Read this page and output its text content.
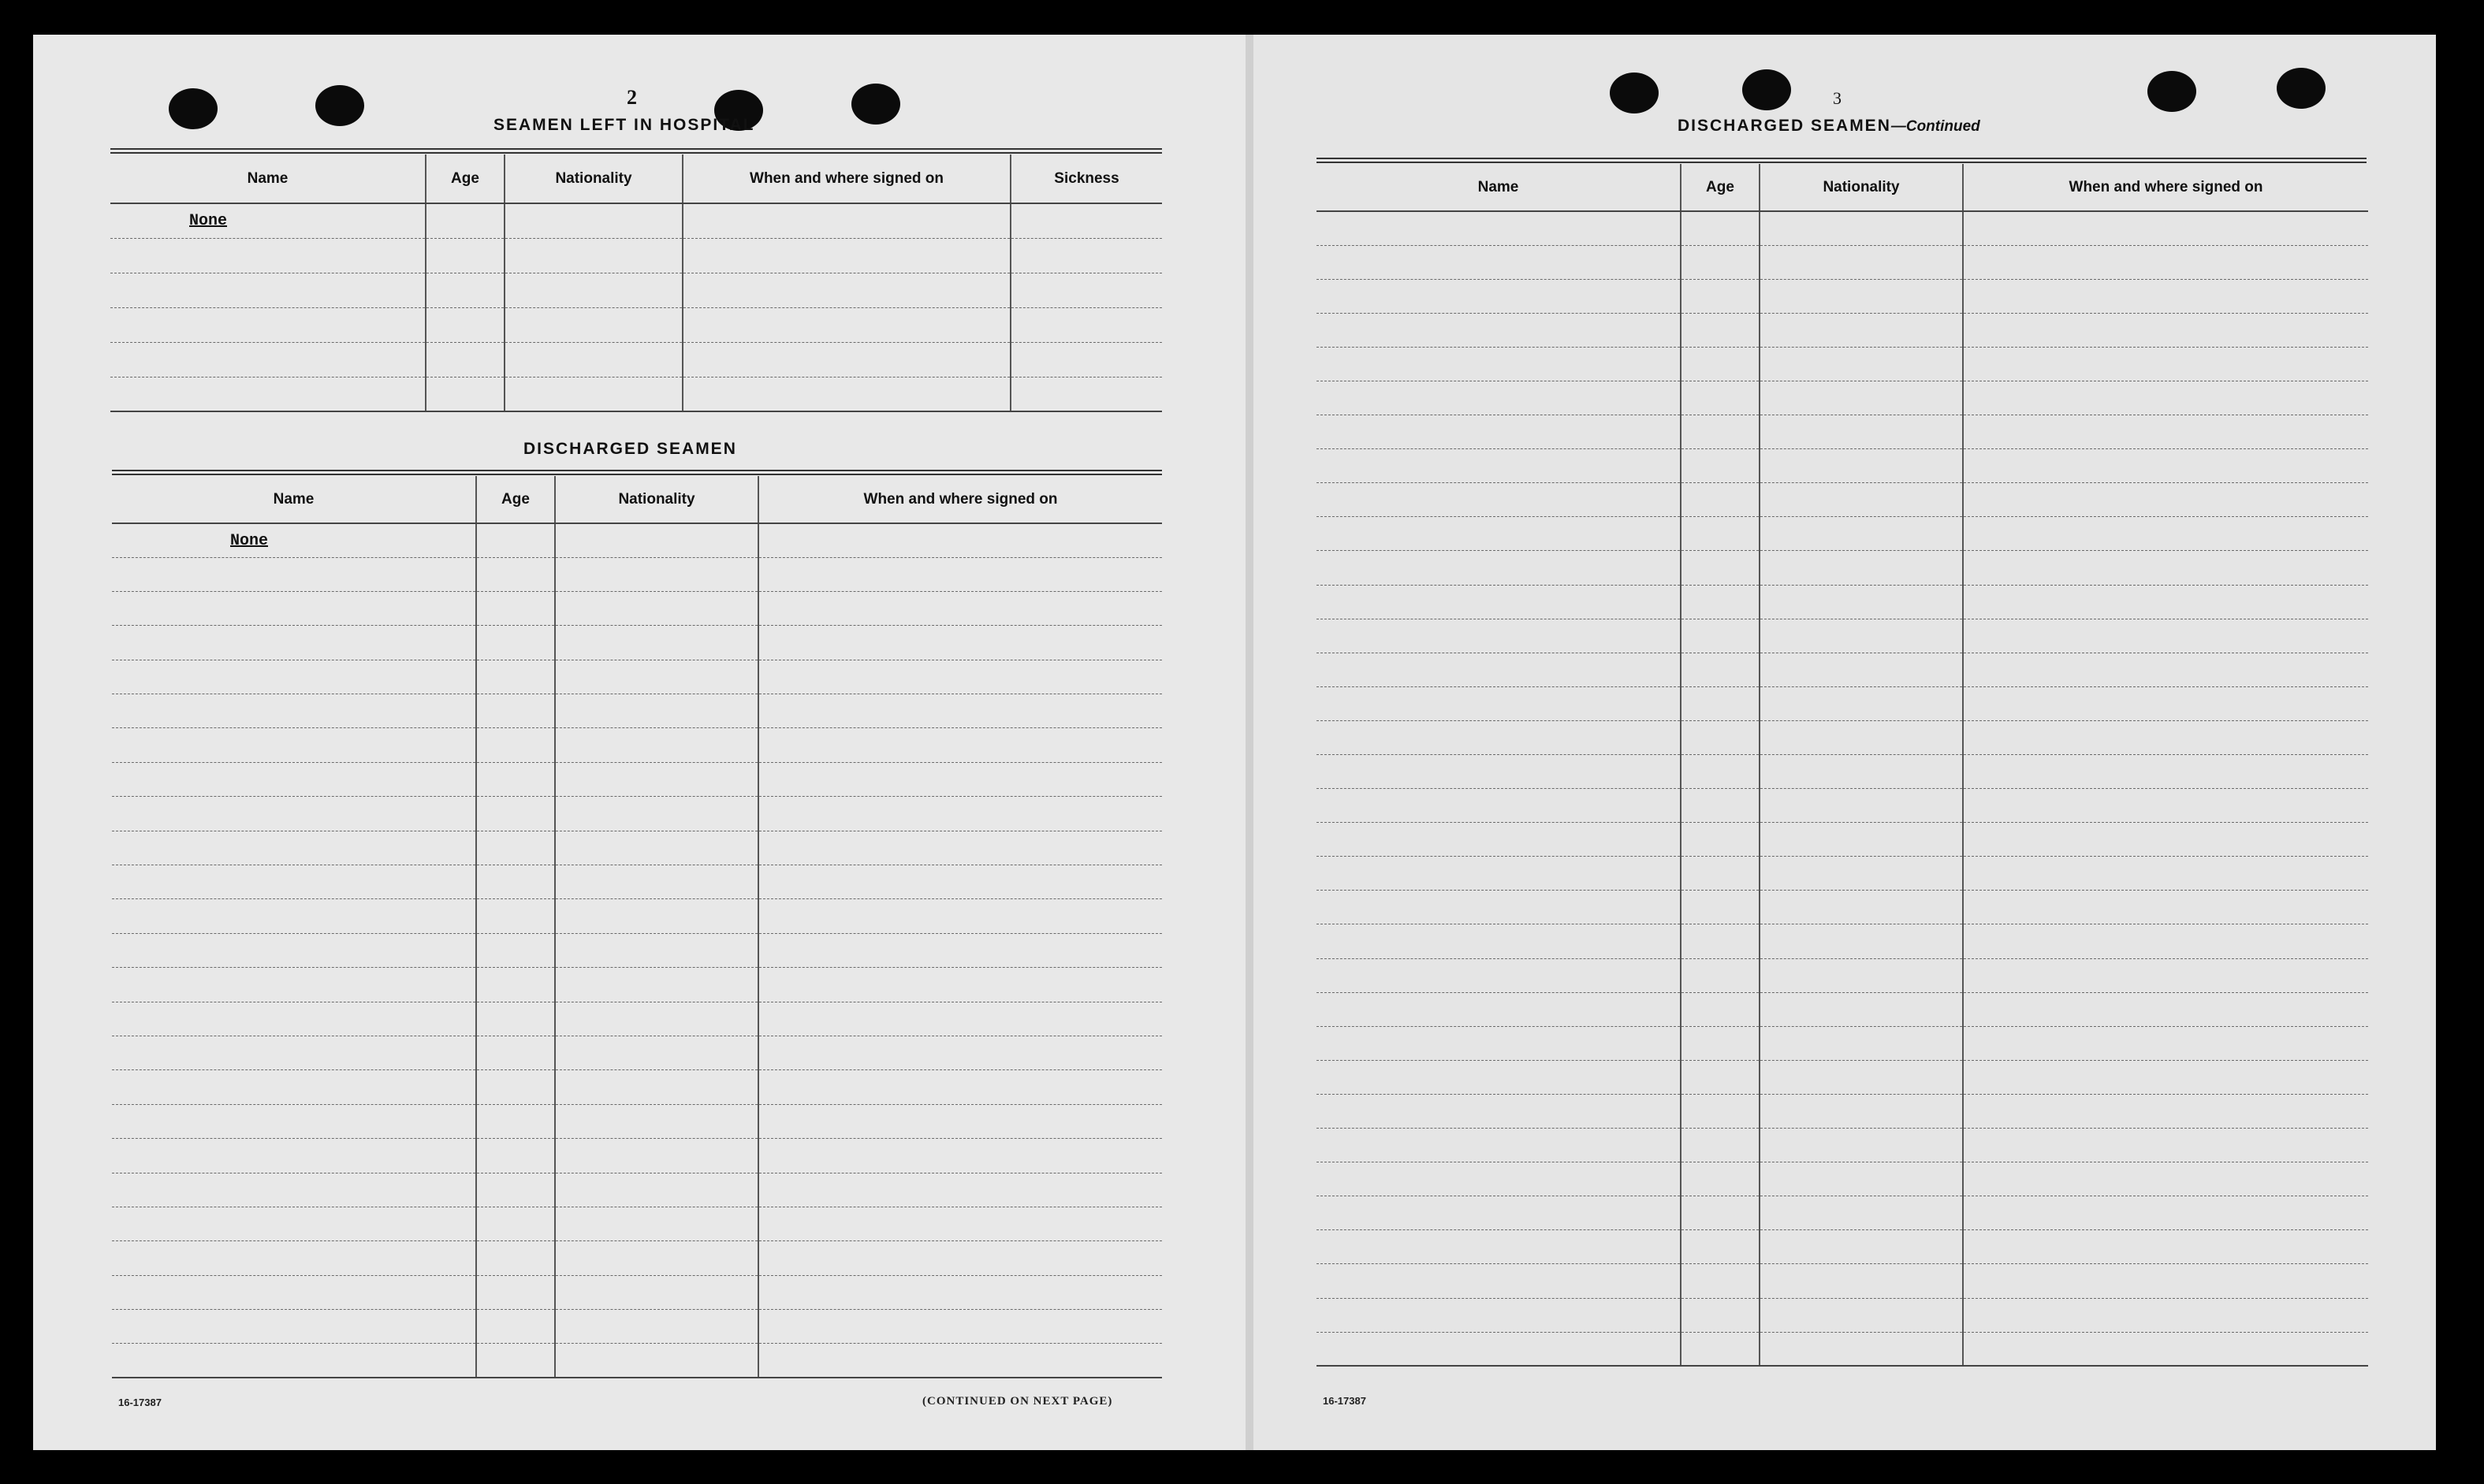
2
SEAMEN LEFT IN HOSPITAL
Name	Age	Nationality	When and where signed on	Sickness
None				

DISCHARGED SEAMEN
Name	Age	Nationality	When and where signed on
None			

16-17387	(CONTINUED ON NEXT PAGE)
3
DISCHARGED SEAMEN—Continued
Name	Age	Nationality	When and where signed on

16-17387
